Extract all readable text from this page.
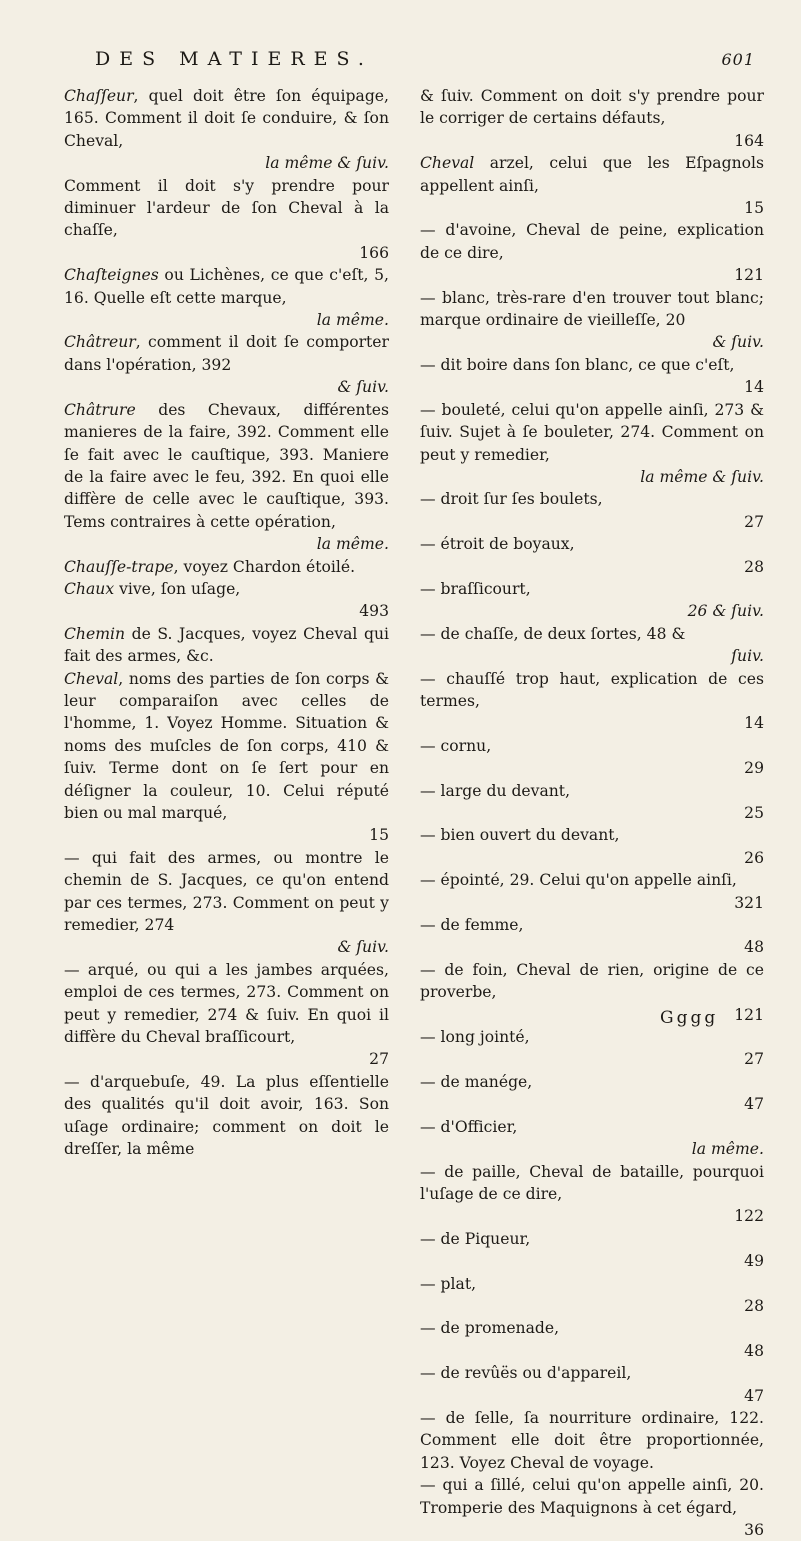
DES MATIERES.	601
Chaſſeur, quel doit être ſon équipage, 165. Comment il doit ſe conduire, & ſon Cheval,
la même & ſuiv.
Comment il doit s'y prendre pour diminuer l'ardeur de ſon Cheval à la chaſſe,
166
Chaſteignes ou Lichènes, ce que c'eſt, 5, 16. Quelle eſt cette marque,
la même.
Châtreur, comment il doit ſe comporter dans l'opération, 392
& ſuiv.
Châtrure des Chevaux, différentes manieres de la faire, 392. Comment elle ſe fait avec le cauſtique, 393. Maniere de la faire avec le feu, 392. En quoi elle diffère de celle avec le cauſtique, 393. Tems contraires à cette opération,
la même.
Chauſſe-trape, voyez Chardon étoilé.
Chaux vive, ſon uſage,
493
Chemin de S. Jacques, voyez Cheval qui fait des armes, &c.
Cheval, noms des parties de ſon corps & leur comparaiſon avec celles de l'homme, 1. Voyez Homme. Situation & noms des muſcles de ſon corps, 410 & ſuiv. Terme dont on ſe ſert pour en déſigner la couleur, 10. Celui réputé bien ou mal marqué,
15
— qui fait des armes, ou montre le chemin de S. Jacques, ce qu'on entend par ces termes, 273. Comment on peut y remedier, 274
& ſuiv.
— arqué, ou qui a les jambes arquées, emploi de ces termes, 273. Comment on peut y remedier, 274 & ſuiv. En quoi il diffère du Cheval braſſicourt,
27
— d'arquebuſe, 49. La plus eſſentielle des qualités qu'il doit avoir, 163. Son uſage ordinaire; comment on doit le dreſſer, la même
& ſuiv. Comment on doit s'y prendre pour le corriger de certains défauts,
164
Cheval arzel, celui que les Eſpagnols appellent ainſi,
15
— d'avoine, Cheval de peine, explication de ce dire,
121
— blanc, très-rare d'en trouver tout blanc; marque ordinaire de vieilleſſe, 20
& ſuiv.
— dit boire dans ſon blanc, ce que c'eſt,
14
— bouleté, celui qu'on appelle ainſi, 273 & ſuiv. Sujet à ſe bouleter, 274. Comment on peut y remedier,
la même & ſuiv.
— droit ſur ſes boulets,
27
— étroit de boyaux,
28
— braſſicourt,
26 & ſuiv.
— de chaſſe, de deux ſortes, 48 &
ſuiv.
— chauſſé trop haut, explication de ces termes,
14
— cornu,
29
— large du devant,
25
— bien ouvert du devant,
26
— épointé, 29. Celui qu'on appelle ainſi,
321
— de femme,
48
— de foin, Cheval de rien, origine de ce proverbe,
121
— long jointé,
27
— de manége,
47
— d'Officier,
la même.
— de paille, Cheval de bataille, pourquoi l'uſage de ce dire,
122
— de Piqueur,
49
— plat,
28
— de promenade,
48
— de revûës ou d'appareil,
47
— de ſelle, ſa nourriture ordinaire, 122. Comment elle doit être proportionnée, 123. Voyez Cheval de voyage.
— qui a ſillé, celui qu'on appelle ainſi, 20. Tromperie des Maquignons à cet égard,
36
Gggg
